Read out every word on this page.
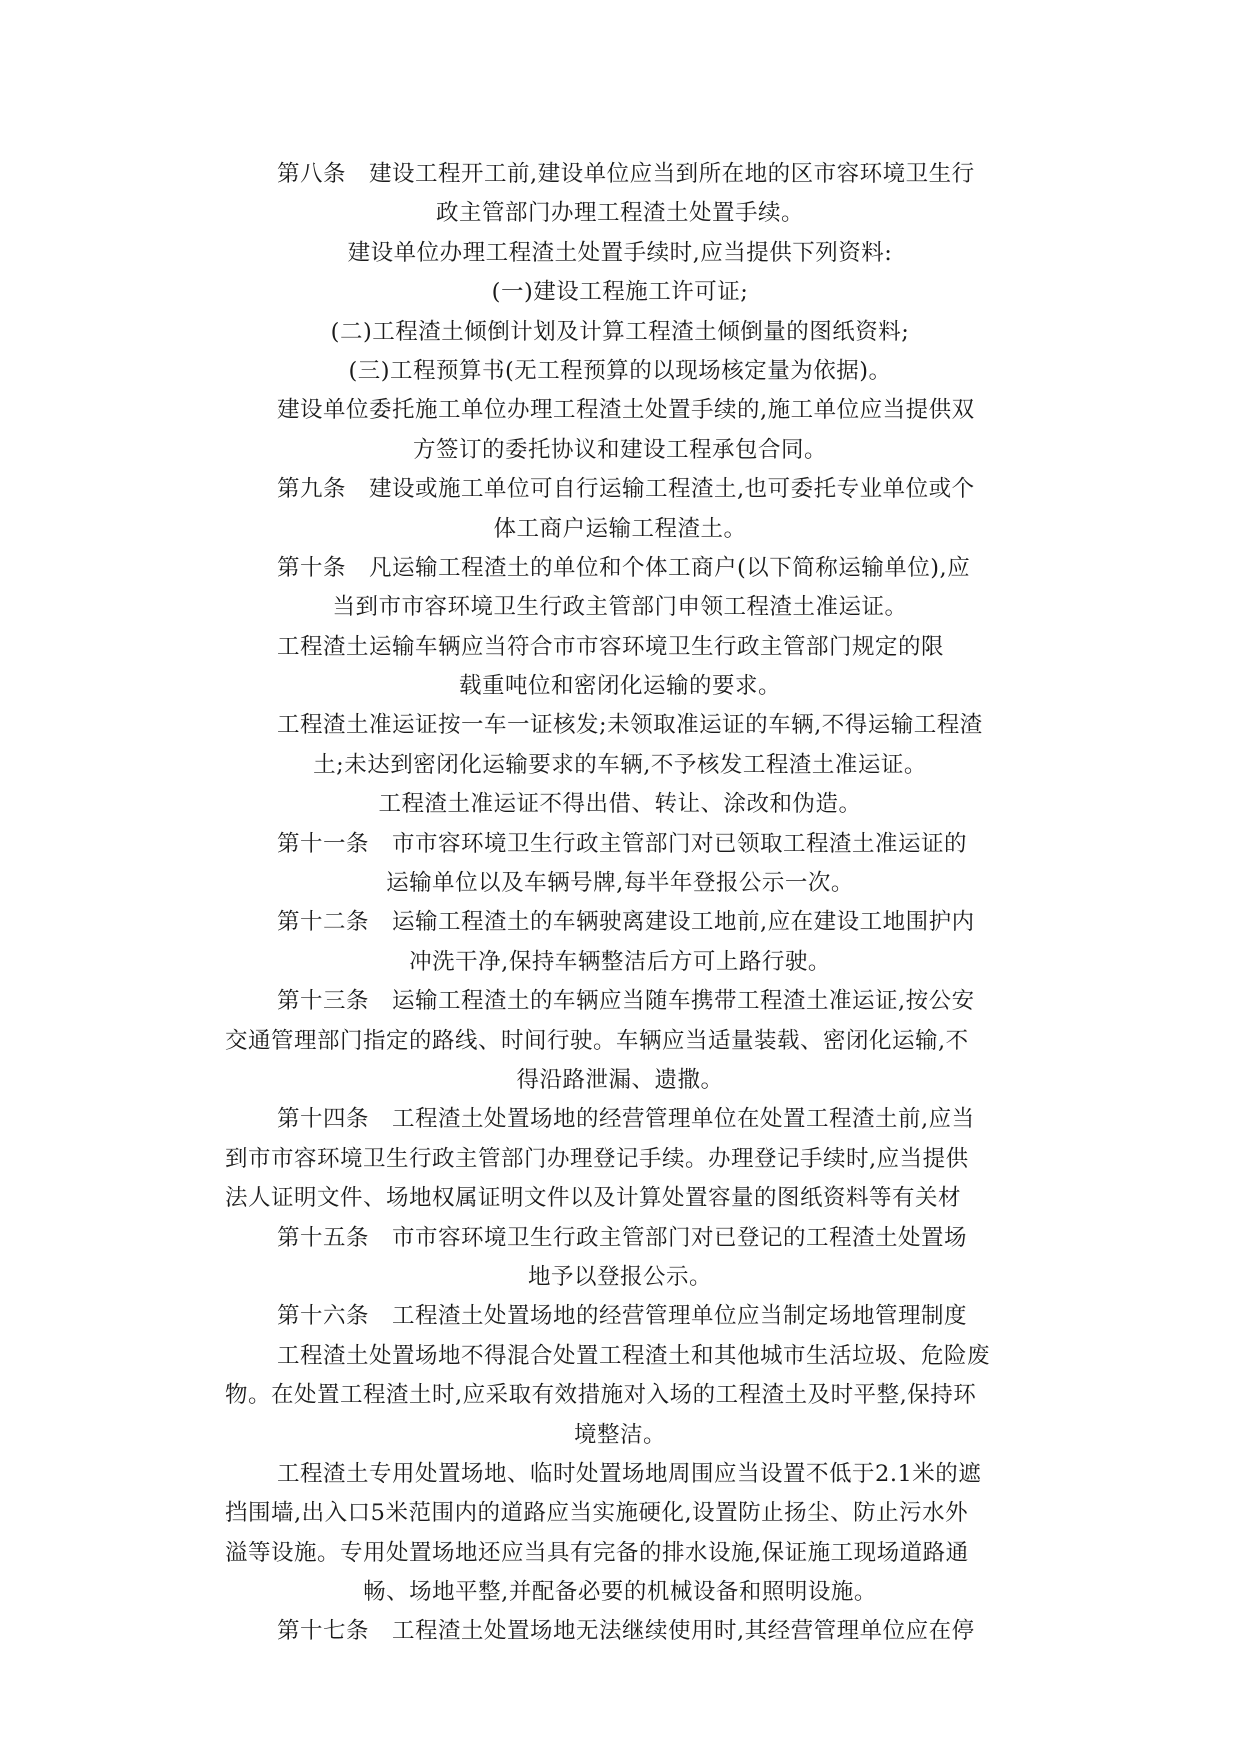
第八条　建设工程开工前,建设单位应当到所在地的区市容环境卫生行
政主管部门办理工程渣土处置手续。
建设单位办理工程渣土处置手续时,应当提供下列资料:
(一)建设工程施工许可证;
(二)工程渣土倾倒计划及计算工程渣土倾倒量的图纸资料;
(三)工程预算书(无工程预算的以现场核定量为依据)。
建设单位委托施工单位办理工程渣土处置手续的,施工单位应当提供双
方签订的委托协议和建设工程承包合同。
第九条　建设或施工单位可自行运输工程渣土,也可委托专业单位或个
体工商户运输工程渣土。
第十条　凡运输工程渣土的单位和个体工商户(以下简称运输单位),应
当到市市容环境卫生行政主管部门申领工程渣土准运证。
工程渣土运输车辆应当符合市市容环境卫生行政主管部门规定的限
载重吨位和密闭化运输的要求。
工程渣土准运证按一车一证核发;未领取准运证的车辆,不得运输工程渣
土;未达到密闭化运输要求的车辆,不予核发工程渣土准运证。
工程渣土准运证不得出借、转让、涂改和伪造。
第十一条　市市容环境卫生行政主管部门对已领取工程渣土准运证的
运输单位以及车辆号牌,每半年登报公示一次。
第十二条　运输工程渣土的车辆驶离建设工地前,应在建设工地围护内
冲洗干净,保持车辆整洁后方可上路行驶。
第十三条　运输工程渣土的车辆应当随车携带工程渣土准运证,按公安
交通管理部门指定的路线、时间行驶。车辆应当适量装载、密闭化运输,不
得沿路泄漏、遗撒。
第十四条　工程渣土处置场地的经营管理单位在处置工程渣土前,应当
到市市容环境卫生行政主管部门办理登记手续。办理登记手续时,应当提供
法人证明文件、场地权属证明文件以及计算处置容量的图纸资料等有关材
第十五条　市市容环境卫生行政主管部门对已登记的工程渣土处置场
地予以登报公示。
第十六条　工程渣土处置场地的经营管理单位应当制定场地管理制度
工程渣土处置场地不得混合处置工程渣土和其他城市生活垃圾、危险废
物。在处置工程渣土时,应采取有效措施对入场的工程渣土及时平整,保持环
境整洁。
工程渣土专用处置场地、临时处置场地周围应当设置不低于2.1米的遮
挡围墙,出入口5米范围内的道路应当实施硬化,设置防止扬尘、防止污水外
溢等设施。专用处置场地还应当具有完备的排水设施,保证施工现场道路通
畅、场地平整,并配备必要的机械设备和照明设施。
第十七条　工程渣土处置场地无法继续使用时,其经营管理单位应在停
